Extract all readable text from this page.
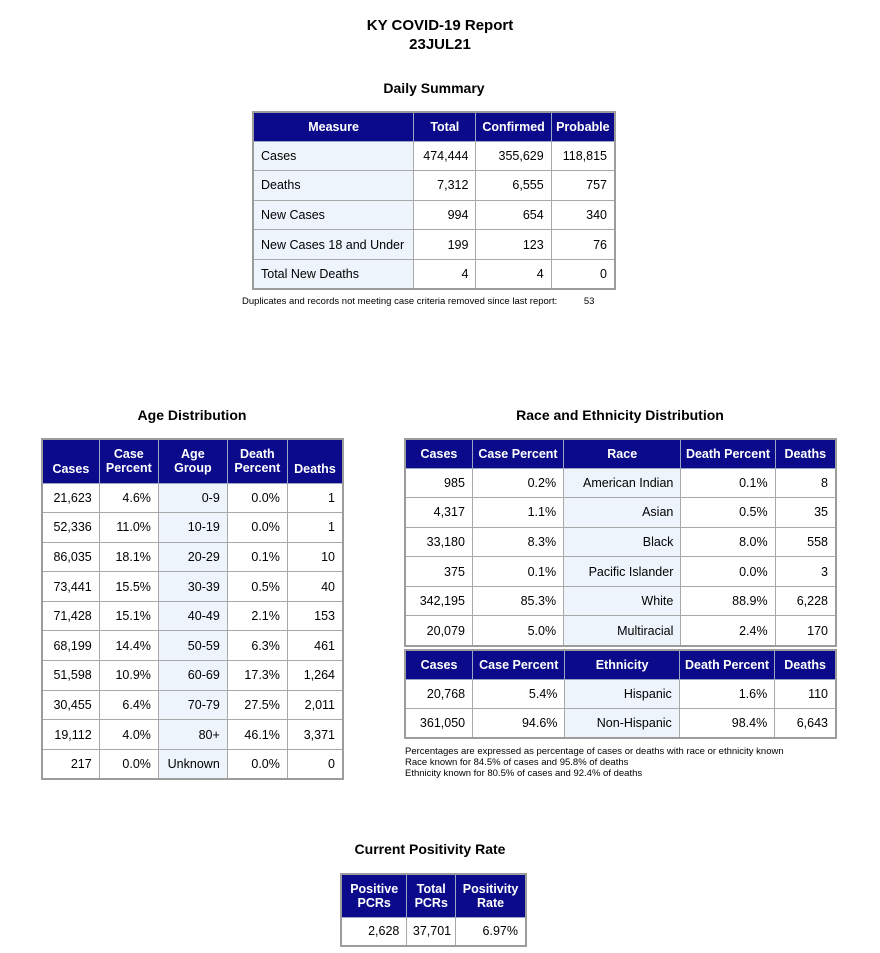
KY COVID-19 Report
23JUL21
Daily Summary
Measure	Total	Confirmed	Probable
Cases	474,444	355,629	118,815
Deaths	7,312	6,555	757
New Cases	994	654	340
New Cases 18 and Under	199	123	76
Total New Deaths	4	4	0
Duplicates and records not meeting case criteria removed since last report:	53
Age Distribution
Cases	Case Percent	Age Group	Death Percent	Deaths
21,623	4.6%	0-9	0.0%	1
52,336	11.0%	10-19	0.0%	1
86,035	18.1%	20-29	0.1%	10
73,441	15.5%	30-39	0.5%	40
71,428	15.1%	40-49	2.1%	153
68,199	14.4%	50-59	6.3%	461
51,598	10.9%	60-69	17.3%	1,264
30,455	6.4%	70-79	27.5%	2,011
19,112	4.0%	80+	46.1%	3,371
217	0.0%	Unknown	0.0%	0
Race and Ethnicity Distribution
Cases	Case Percent	Race	Death Percent	Deaths
985	0.2%	American Indian	0.1%	8
4,317	1.1%	Asian	0.5%	35
33,180	8.3%	Black	8.0%	558
375	0.1%	Pacific Islander	0.0%	3
342,195	85.3%	White	88.9%	6,228
20,079	5.0%	Multiracial	2.4%	170
Cases	Case Percent	Ethnicity	Death Percent	Deaths
20,768	5.4%	Hispanic	1.6%	110
361,050	94.6%	Non-Hispanic	98.4%	6,643
Percentages are expressed as percentage of cases or deaths with race or ethnicity known
Race known for 84.5% of cases and 95.8% of deaths
Ethnicity known for 80.5% of cases and 92.4% of deaths
Current Positivity Rate
Positive PCRs	Total PCRs	Positivity Rate
2,628	37,701	6.97%
